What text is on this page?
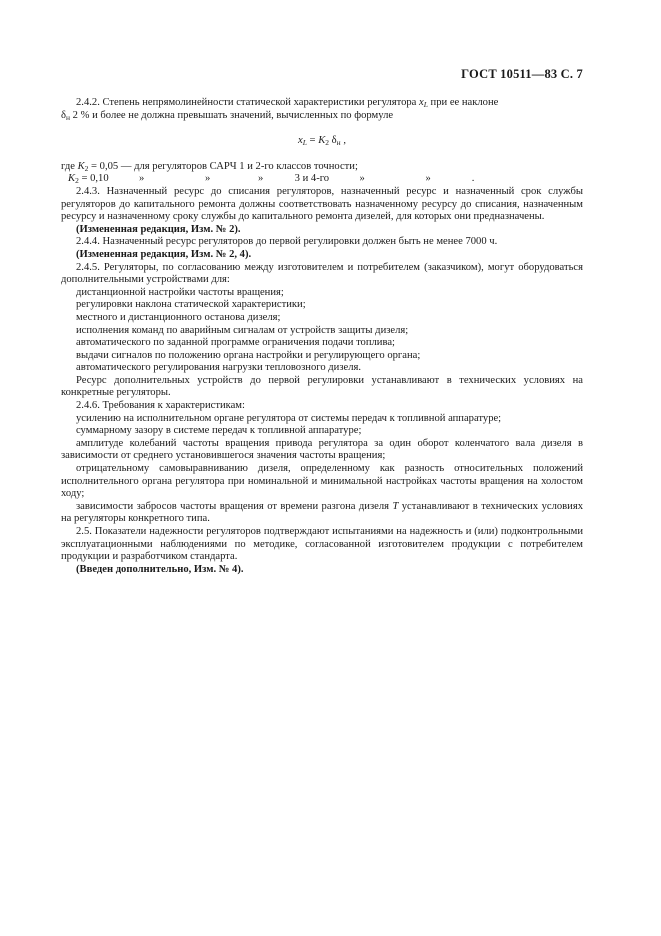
ГОСТ 10511—83 С. 7

2.4.2. Степень непрямолинейности статической характеристики регулятора $x_L$ при ее наклоне
$\delta_н$ 2 % и более не должна превышать значений, вычисленных по формуле

$x_L = K_2$ $\delta_н$ ,

где $K_2 = 0,05$ — для регуляторов САРЧ 1 и 2-го классов точности;

$K_2 = 0,10$	»	»	»	3 и 4-го	»	»	.

2.4.3. Назначенный ресурс до списания регуляторов, назначенный ресурс и назначенный срок службы регуляторов до капитального ремонта должны соответствовать назначенному ресурсу до списания, назначенным ресурсу и назначенному сроку службы до капитального ремонта дизелей, для которых они предназначены.

(Измененная редакция, Изм. № 2).

2.4.4. Назначенный ресурс регуляторов до первой регулировки должен быть не менее 7000 ч.

(Измененная редакция, Изм. № 2, 4).

2.4.5. Регуляторы, по согласованию между изготовителем и потребителем (заказчиком), могут оборудоваться дополнительными устройствами для:

дистанционной настройки частоты вращения;

регулировки наклона статической характеристики;

местного и дистанционного останова дизеля;

исполнения команд по аварийным сигналам от устройств защиты дизеля;

автоматического по заданной программе ограничения подачи топлива;

выдачи сигналов по положению органа настройки и регулирующего органа;

автоматического регулирования нагрузки тепловозного дизеля.

Ресурс дополнительных устройств до первой регулировки устанавливают в технических условиях на конкретные регуляторы.

2.4.6. Требования к характеристикам:

усилению на исполнительном органе регулятора от системы передач к топливной аппаратуре;

суммарному зазору в системе передач к топливной аппаратуре;

амплитуде колебаний частоты вращения привода регулятора за один оборот коленчатого вала дизеля в зависимости от среднего установившегося значения частоты вращения;

отрицательному самовыравниванию дизеля, определенному как разность относительных положений исполнительного органа регулятора при номинальной и минимальной настройках частоты вращения на холостом ходу;

зависимости забросов частоты вращения от времени разгона дизеля T устанавливают в технических условиях на регуляторы конкретного типа.

2.5. Показатели надежности регуляторов подтверждают испытаниями на надежность и (или) подконтрольными эксплуатационными наблюдениями по методике, согласованной изготовителем продукции с потребителем продукции и разработчиком стандарта.

(Введен дополнительно, Изм. № 4).
